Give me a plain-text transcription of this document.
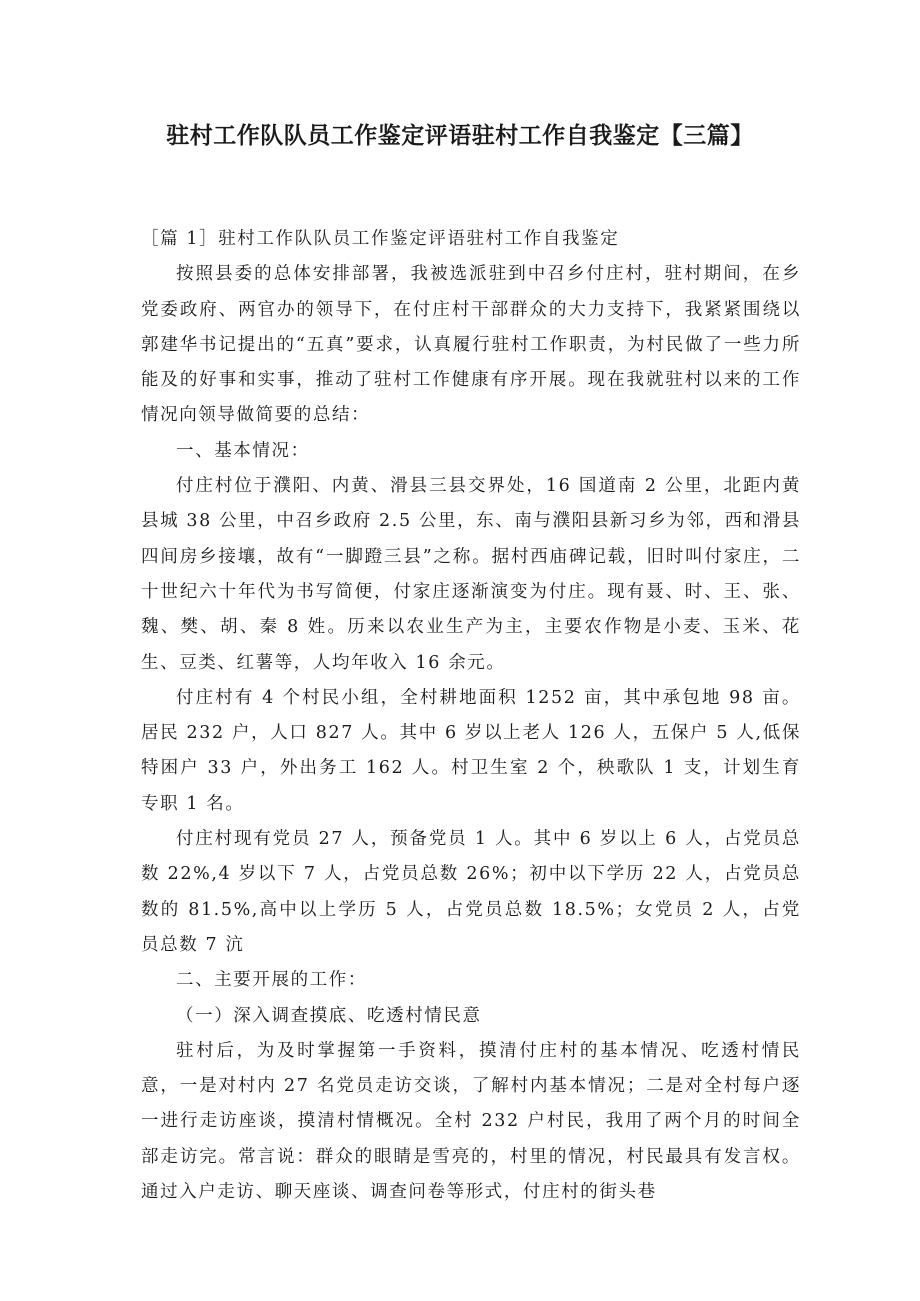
驻村工作队队员工作鉴定评语驻村工作自我鉴定【三篇】

［篇 1］驻村工作队队员工作鉴定评语驻村工作自我鉴定

按照县委的总体安排部署，我被选派驻到中召乡付庄村，驻村期间，在乡党委政府、两官办的领导下，在付庄村干部群众的大力支持下，我紧紧围绕以郭建华书记提出的“五真”要求，认真履行驻村工作职责，为村民做了一些力所能及的好事和实事，推动了驻村工作健康有序开展。现在我就驻村以来的工作情况向领导做简要的总结：

一、基本情况：

付庄村位于濮阳、内黄、滑县三县交界处，16 国道南 2 公里，北距内黄县城 38 公里，中召乡政府 2.5 公里，东、南与濮阳县新习乡为邻，西和滑县四间房乡接壤，故有“一脚蹬三县”之称。据村西庙碑记载，旧时叫付家庄，二十世纪六十年代为书写简便，付家庄逐渐演变为付庄。现有聂、时、王、张、魏、樊、胡、秦 8 姓。历来以农业生产为主，主要农作物是小麦、玉米、花生、豆类、红薯等，人均年收入 16 余元。

付庄村有 4 个村民小组，全村耕地面积 1252 亩，其中承包地 98 亩。居民 232 户，人口 827 人。其中 6 岁以上老人 126 人，五保户 5 人,低保特困户 33 户，外出务工 162 人。村卫生室 2 个，秧歌队 1 支，计划生育专职 1 名。

付庄村现有党员 27 人，预备党员 1 人。其中 6 岁以上 6 人，占党员总数 22%,4 岁以下 7 人，占党员总数 26%；初中以下学历 22 人，占党员总数的 81.5%,高中以上学历 5 人，占党员总数 18.5%；女党员 2 人，占党员总数 7 沆

二、主要开展的工作：

（一）深入调查摸底、吃透村情民意

驻村后，为及时掌握第一手资料，摸清付庄村的基本情况、吃透村情民意，一是对村内 27 名党员走访交谈，了解村内基本情况；二是对全村每户逐一进行走访座谈，摸清村情概况。全村 232 户村民，我用了两个月的时间全部走访完。常言说：群众的眼睛是雪亮的，村里的情况，村民最具有发言权。通过入户走访、聊天座谈、调查问卷等形式，付庄村的街头巷
